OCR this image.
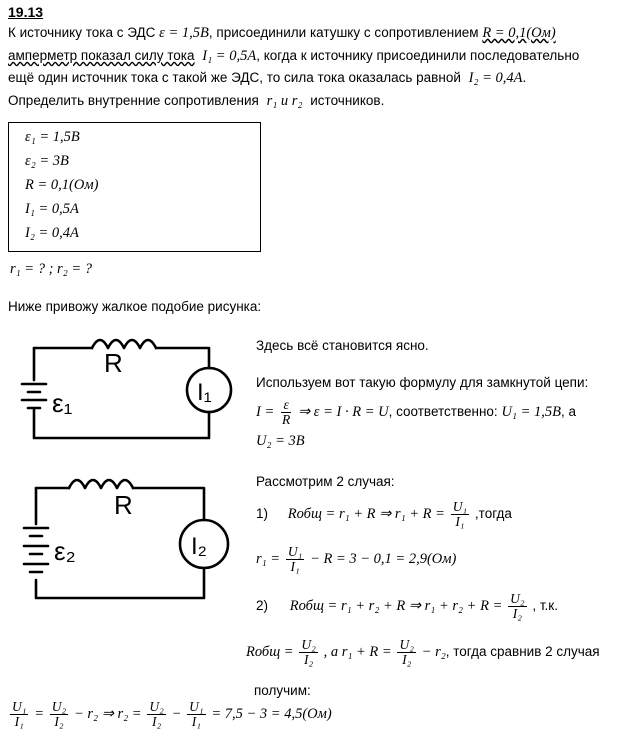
19.13
К источнику тока с ЭДС ε = 1,5B, присоединили катушку с сопротивлением R = 0,1(Ом)
амперметр показал силу тока I₁ = 0,5A, когда к источнику присоединили последовательно
ещё один источник тока с такой же ЭДС, то сила тока оказалась равной I₂ = 0,4A.
Определить внутренние сопротивления r₁ и r₂ источников.
ε₁ = 1,5B
ε₂ = 3B
R = 0,1(Ом)
I₁ = 0,5A
I₂ = 0,4A
r₁ = ? ; r₂ = ?
Ниже привожу жалкое подобие рисунка:
R
ε₁	I₁
R
ε₂	I₂
Здесь всё становится ясно.
Используем вот такую формулу для замкнутой цепи:
$I = \frac{\varepsilon}{R}$ ⇒ ε = I · R = U, соответственно: U₁ = 1,5B, а
U₂ = 3B
Рассмотрим 2 случая:
1) Rобщ = r₁ + R ⇒ $r_1 + R = \frac{\text{U₁}}{\text{I₁}}$ ,тогда
$r_1 = \frac{\text{U₁}}{\text{I₁}} - R = 3 - 0,1 = 2,9(Ом)$
2) Rобщ = r₁ + r₂ + R ⇒ $r_1 + r_2 + R = \frac{\text{U₂}}{\text{I₂}}$ , т.к.
Rобщ = $\frac{\text{U₂}}{\text{I₂}}$ , а $r_1 + R = \frac{\text{U₂}}{\text{I₂}} - r_2$, тогда сравнив 2 случая
получим:
$\frac{\text{U₁}}{\text{I₁}} = \frac{\text{U₂}}{\text{I₂}} - r_2$ ⇒ $r_2 = \frac{\text{U₂}}{\text{I₂}} - \frac{\text{U₁}}{\text{I₁}} = 7,5 - 3 = 4,5(Ом)$
